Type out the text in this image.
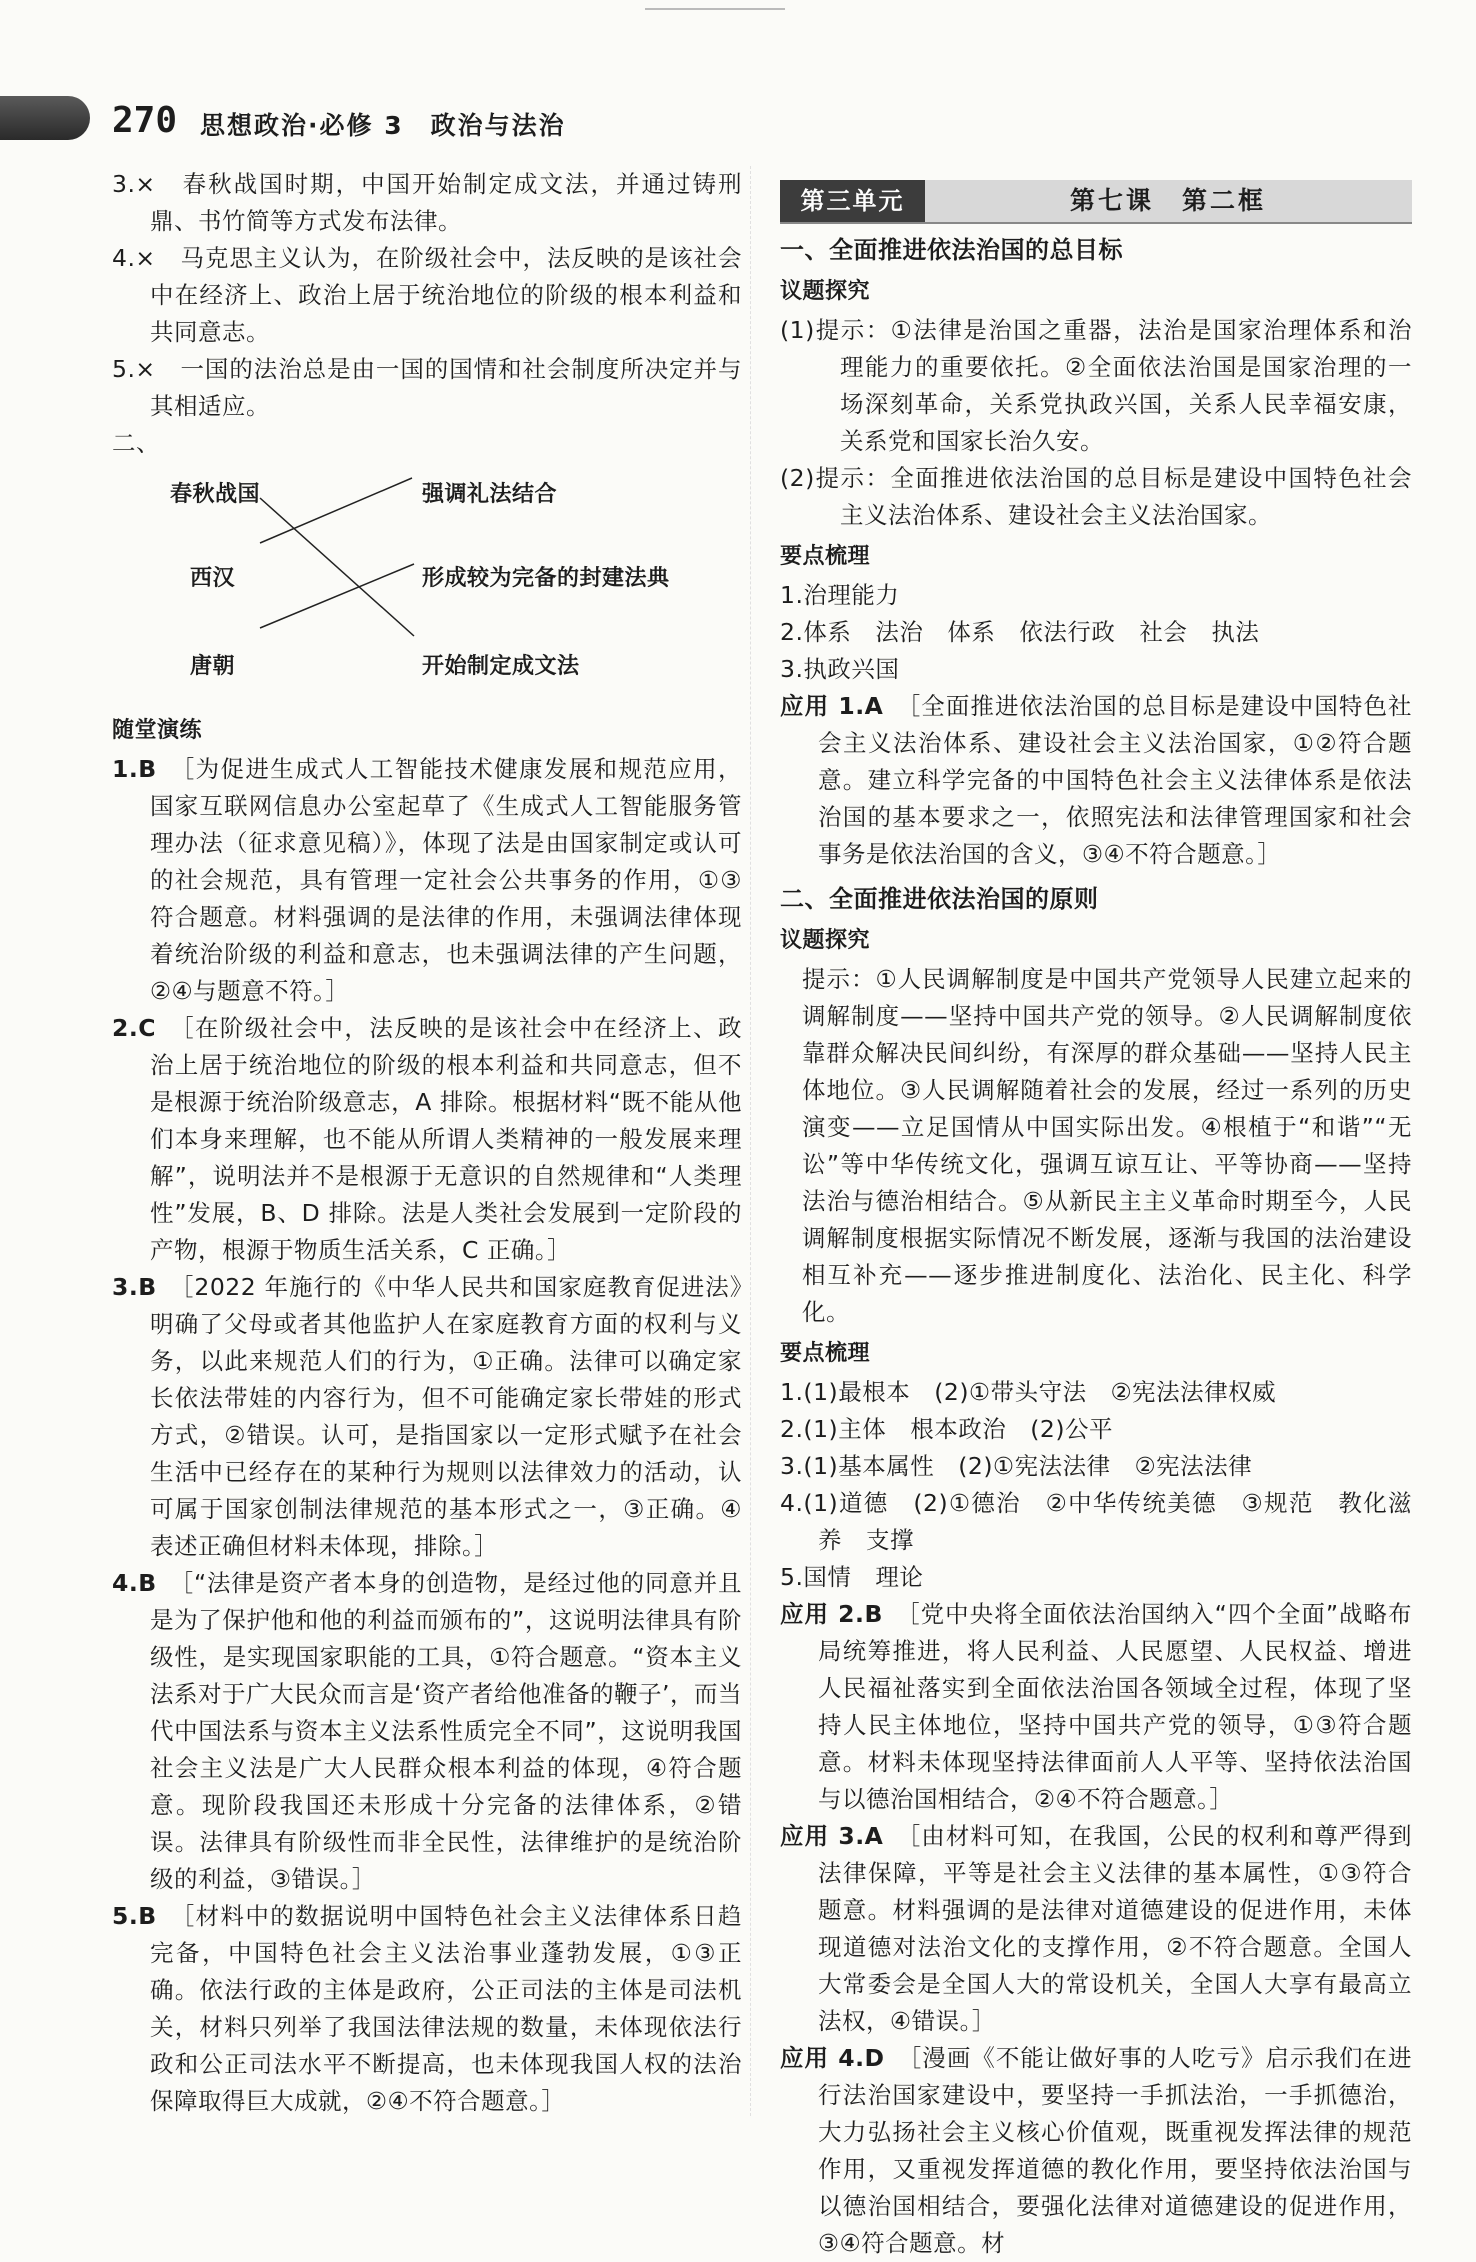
270 思想政治·必修 3　政治与法治

3.×　春秋战国时期，中国开始制定成文法，并通过铸刑鼎、书竹简等方式发布法律。

4.×　马克思主义认为，在阶级社会中，法反映的是该社会中在经济上、政治上居于统治地位的阶级的根本利益和共同意志。

5.×　一国的法治总是由一国的国情和社会制度所决定并与其相适应。

二、

春秋战国
西汉
唐朝
强调礼法结合
形成较为完备的封建法典
开始制定成文法

随堂演练

1.B　 ［为促进生成式人工智能技术健康发展和规范应用，国家互联网信息办公室起草了《生成式人工智能服务管理办法（征求意见稿）》，体现了法是由国家制定或认可的社会规范，具有管理一定社会公共事务的作用，①③符合题意。材料强调的是法律的作用，未强调法律体现着统治阶级的利益和意志，也未强调法律的产生问题，②④与题意不符。］

2.C　 ［在阶级社会中，法反映的是该社会中在经济上、政治上居于统治地位的阶级的根本利益和共同意志，但不是根源于统治阶级意志，A 排除。根据材料“既不能从他们本身来理解，也不能从所谓人类精神的一般发展来理解”，说明法并不是根源于无意识的自然规律和“人类理性”发展，B、D 排除。法是人类社会发展到一定阶段的产物，根源于物质生活关系，C 正确。］

3.B　 ［2022 年施行的《中华人民共和国家庭教育促进法》明确了父母或者其他监护人在家庭教育方面的权利与义务，以此来规范人们的行为，①正确。法律可以确定家长依法带娃的内容行为，但不可能确定家长带娃的形式方式，②错误。认可，是指国家以一定形式赋予在社会生活中已经存在的某种行为规则以法律效力的活动，认可属于国家创制法律规范的基本形式之一，③正确。④表述正确但材料未体现，排除。］

4.B　 ［“法律是资产者本身的创造物，是经过他的同意并且是为了保护他和他的利益而颁布的”，这说明法律具有阶级性，是实现国家职能的工具，①符合题意。“资本主义法系对于广大民众而言是‘资产者给他准备的鞭子’，而当代中国法系与资本主义法系性质完全不同”，这说明我国社会主义法是广大人民群众根本利益的体现，④符合题意。现阶段我国还未形成十分完备的法律体系，②错误。法律具有阶级性而非全民性，法律维护的是统治阶级的利益，③错误。］

5.B　 ［材料中的数据说明中国特色社会主义法律体系日趋完备，中国特色社会主义法治事业蓬勃发展，①③正确。依法行政的主体是政府，公正司法的主体是司法机关，材料只列举了我国法律法规的数量，未体现依法行政和公正司法水平不断提高，也未体现我国人权的法治保障取得巨大成就，②④不符合题意。］

第三单元	第七课　第二框

一、全面推进依法治国的总目标

议题探究

(1)提示：①法律是治国之重器，法治是国家治理体系和治理能力的重要依托。②全面依法治国是国家治理的一场深刻革命，关系党执政兴国，关系人民幸福安康，关系党和国家长治久安。

(2)提示：全面推进依法治国的总目标是建设中国特色社会主义法治体系、建设社会主义法治国家。

要点梳理

1.治理能力

2.体系　法治　体系　依法行政　社会　执法

3.执政兴国

应用 1.A　 ［全面推进依法治国的总目标是建设中国特色社会主义法治体系、建设社会主义法治国家，①②符合题意。建立科学完备的中国特色社会主义法律体系是依法治国的基本要求之一，依照宪法和法律管理国家和社会事务是依法治国的含义，③④不符合题意。］

二、全面推进依法治国的原则

议题探究

提示：①人民调解制度是中国共产党领导人民建立起来的调解制度——坚持中国共产党的领导。②人民调解制度依靠群众解决民间纠纷，有深厚的群众基础——坚持人民主体地位。③人民调解随着社会的发展，经过一系列的历史演变——立足国情从中国实际出发。④根植于“和谐”“无讼”等中华传统文化，强调互谅互让、平等协商——坚持法治与德治相结合。⑤从新民主主义革命时期至今，人民调解制度根据实际情况不断发展，逐渐与我国的法治建设相互补充——逐步推进制度化、法治化、民主化、科学化。

要点梳理

1.(1)最根本　(2)①带头守法　②宪法法律权威

2.(1)主体　根本政治　(2)公平

3.(1)基本属性　(2)①宪法法律　②宪法法律

4.(1)道德　(2)①德治　②中华传统美德　③规范　教化滋养　支撑

5.国情　理论

应用 2.B　 ［党中央将全面依法治国纳入“四个全面”战略布局统筹推进，将人民利益、人民愿望、人民权益、增进人民福祉落实到全面依法治国各领域全过程，体现了坚持人民主体地位，坚持中国共产党的领导，①③符合题意。材料未体现坚持法律面前人人平等、坚持依法治国与以德治国相结合，②④不符合题意。］

应用 3.A　 ［由材料可知，在我国，公民的权利和尊严得到法律保障，平等是社会主义法律的基本属性，①③符合题意。材料强调的是法律对道德建设的促进作用，未体现道德对法治文化的支撑作用，②不符合题意。全国人大常委会是全国人大的常设机关，全国人大享有最高立法权，④错误。］

应用 4.D　 ［漫画《不能让做好事的人吃亏》启示我们在进行法治国家建设中，要坚持一手抓法治，一手抓德治，大力弘扬社会主义核心价值观，既重视发挥法律的规范作用，又重视发挥道德的教化作用，要坚持依法治国与以德治国相结合，要强化法律对道德建设的促进作用，③④符合题意。材
